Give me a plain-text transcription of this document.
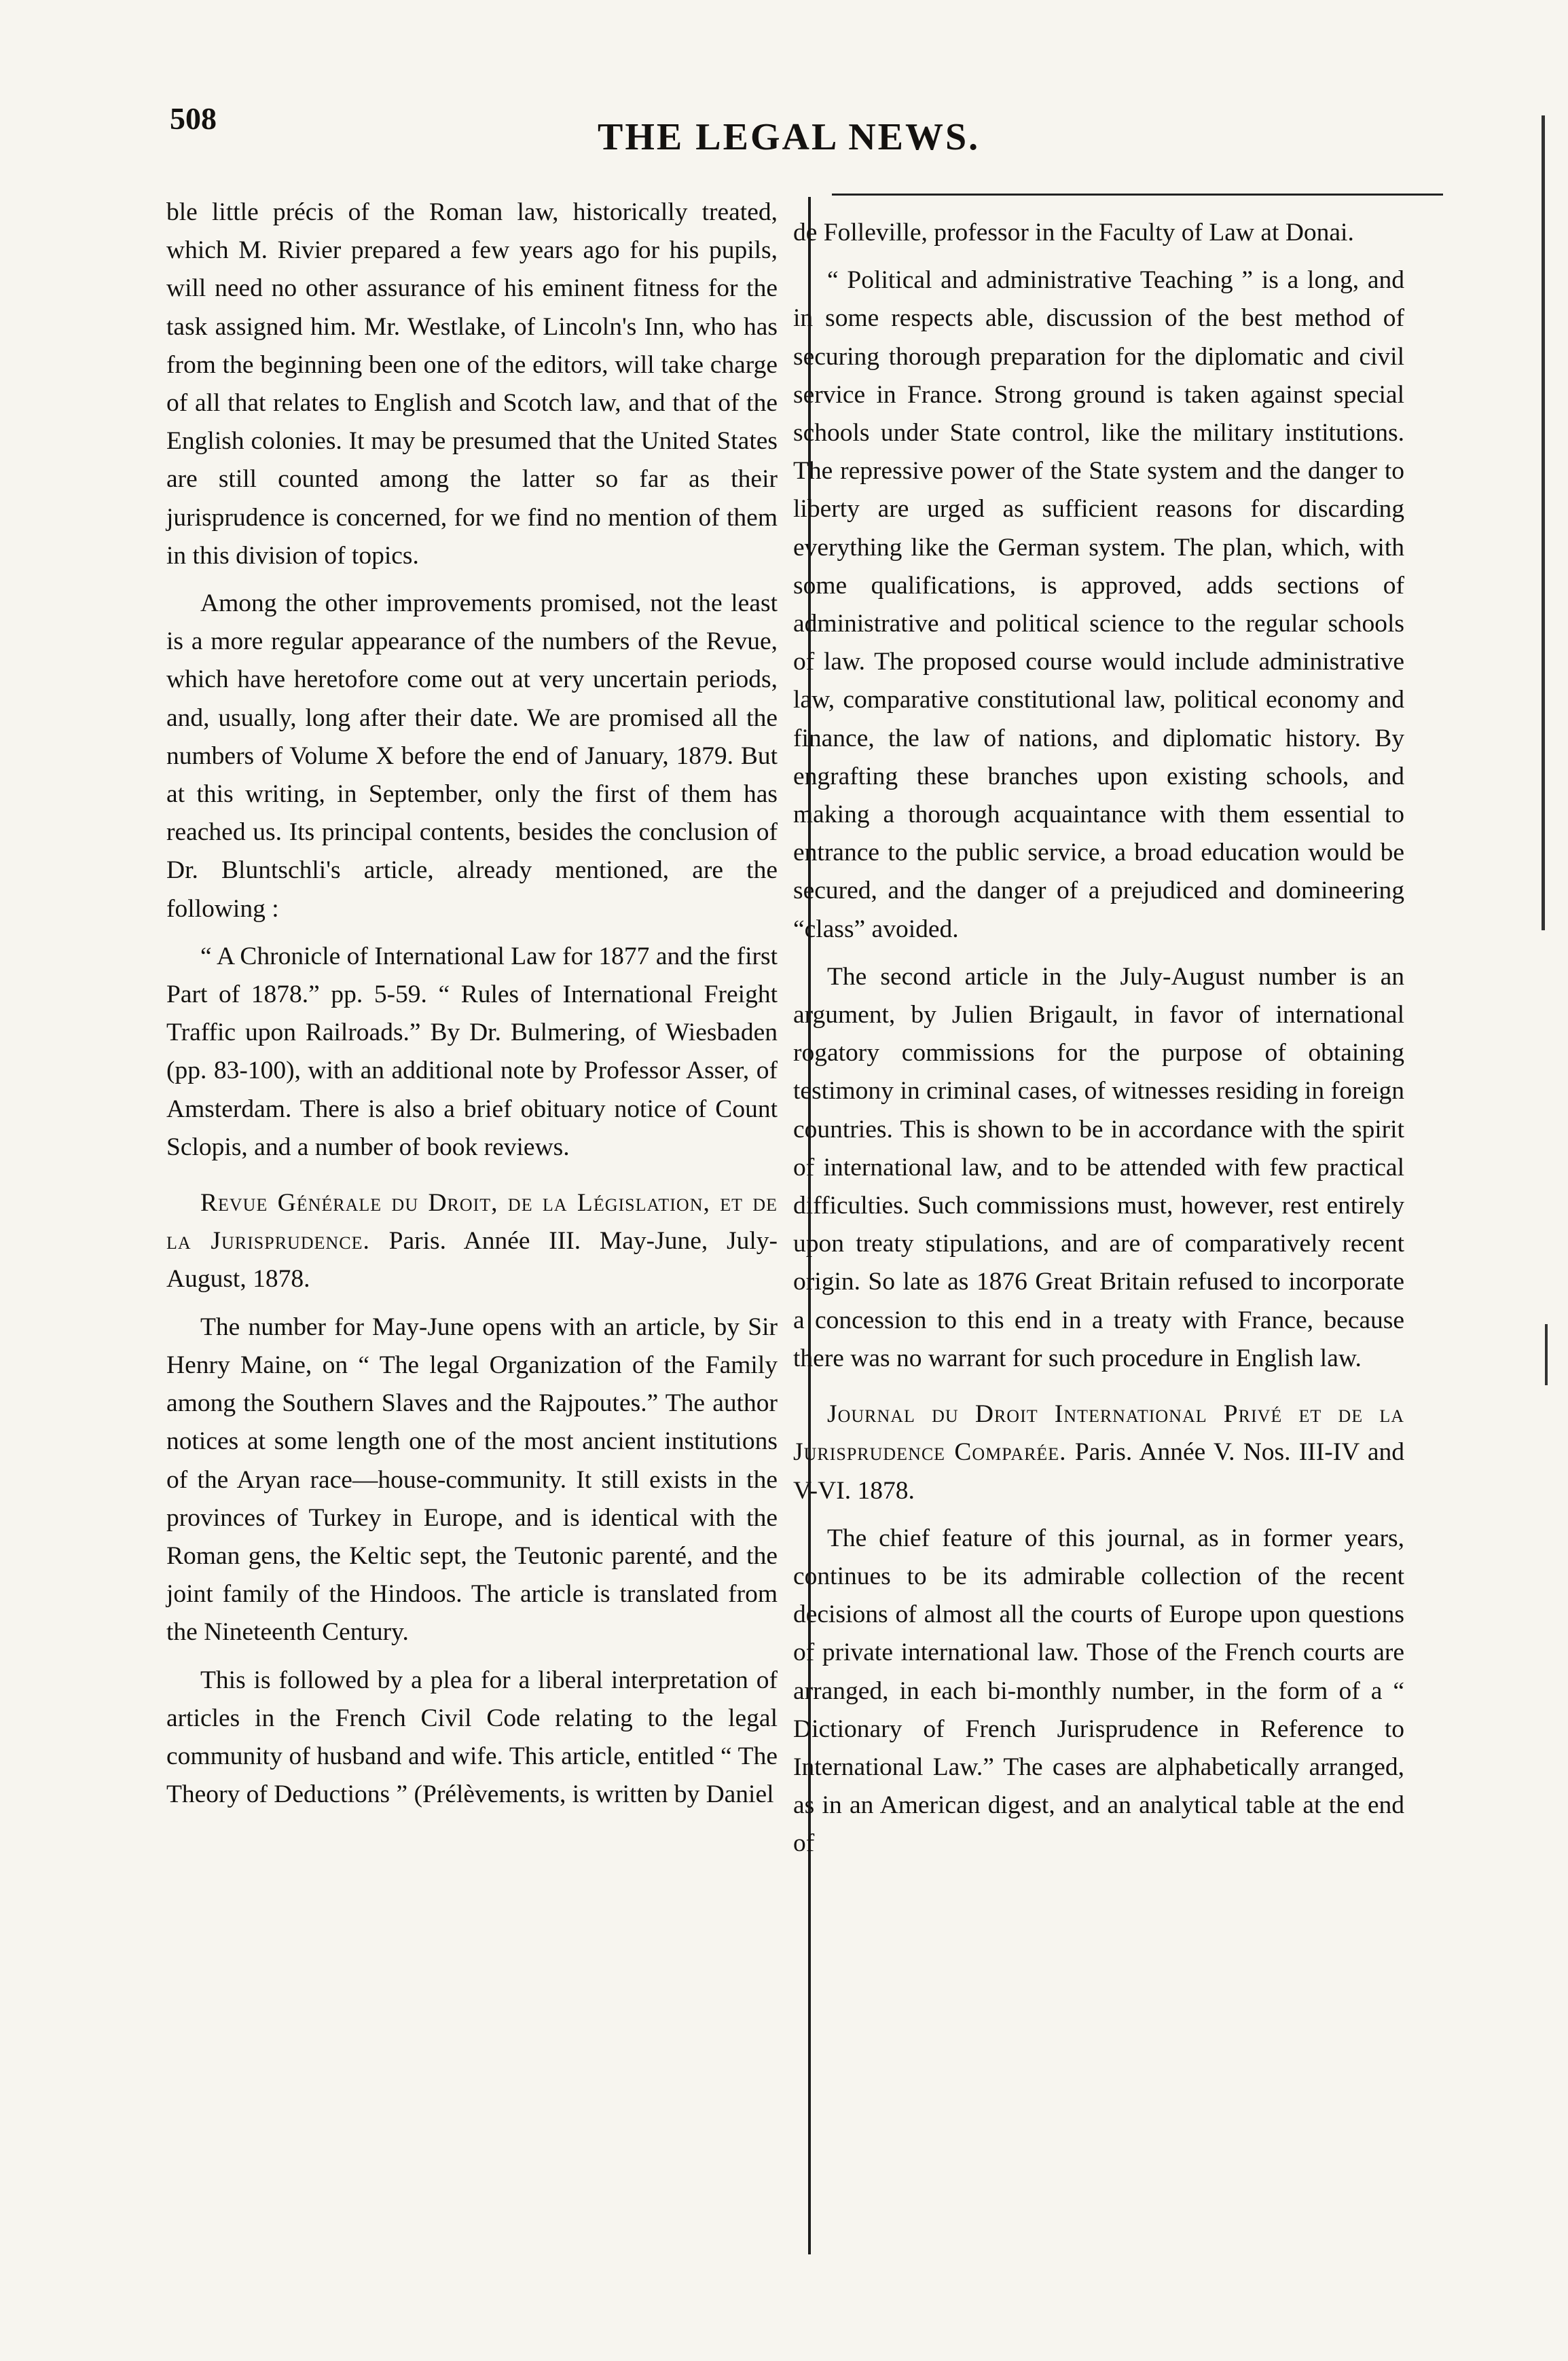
508	THE LEGAL NEWS.

ble little précis of the Roman law, historically treated, which M. Rivier prepared a few years ago for his pupils, will need no other assurance of his eminent fitness for the task assigned him. Mr. Westlake, of Lincoln's Inn, who has from the beginning been one of the editors, will take charge of all that relates to English and Scotch law, and that of the English colonies. It may be presumed that the United States are still counted among the latter so far as their jurisprudence is concerned, for we find no mention of them in this division of topics.

Among the other improvements promised, not the least is a more regular appearance of the numbers of the Revue, which have heretofore come out at very uncertain periods, and, usually, long after their date. We are promised all the numbers of Volume X before the end of January, 1879. But at this writing, in September, only the first of them has reached us. Its principal contents, besides the conclusion of Dr. Bluntschli's article, already mentioned, are the following :

“ A Chronicle of International Law for 1877 and the first Part of 1878.” pp. 5-59. “ Rules of International Freight Traffic upon Railroads.” By Dr. Bulmering, of Wiesbaden (pp. 83-100), with an additional note by Professor Asser, of Amsterdam. There is also a brief obituary notice of Count Sclopis, and a number of book reviews.

Revue Générale du Droit, de la Législation, et de la Jurisprudence. Paris. Année III. May-June, July-August, 1878.

The number for May-June opens with an article, by Sir Henry Maine, on “ The legal Organization of the Family among the Southern Slaves and the Rajpoutes.” The author notices at some length one of the most ancient institutions of the Aryan race—house-community. It still exists in the provinces of Turkey in Europe, and is identical with the Roman gens, the Keltic sept, the Teutonic parenté, and the joint family of the Hindoos. The article is translated from the Nineteenth Century.

This is followed by a plea for a liberal interpretation of articles in the French Civil Code relating to the legal community of husband and wife. This article, entitled “ The Theory of Deductions ” (Prélèvements, is written by Daniel

de Folleville, professor in the Faculty of Law at Donai.

“ Political and administrative Teaching ” is a long, and in some respects able, discussion of the best method of securing thorough preparation for the diplomatic and civil service in France. Strong ground is taken against special schools under State control, like the military institutions. The repressive power of the State system and the danger to liberty are urged as sufficient reasons for discarding everything like the German system. The plan, which, with some qualifications, is approved, adds sections of administrative and political science to the regular schools of law. The proposed course would include administrative law, comparative constitutional law, political economy and finance, the law of nations, and diplomatic history. By engrafting these branches upon existing schools, and making a thorough acquaintance with them essential to entrance to the public service, a broad education would be secured, and the danger of a prejudiced and domineering “class” avoided.

The second article in the July-August number is an argument, by Julien Brigault, in favor of international rogatory commissions for the purpose of obtaining testimony in criminal cases, of witnesses residing in foreign countries. This is shown to be in accordance with the spirit of international law, and to be attended with few practical difficulties. Such commissions must, however, rest entirely upon treaty stipulations, and are of comparatively recent origin. So late as 1876 Great Britain refused to incorporate a concession to this end in a treaty with France, because there was no warrant for such procedure in English law.

Journal du Droit International Privé et de la Jurisprudence Comparée. Paris. Année V. Nos. III-IV and V-VI. 1878.

The chief feature of this journal, as in former years, continues to be its admirable collection of the recent decisions of almost all the courts of Europe upon questions of private international law. Those of the French courts are arranged, in each bi-monthly number, in the form of a “ Dictionary of French Jurisprudence in Reference to International Law.” The cases are alphabetically arranged, as in an American digest, and an analytical table at the end of
